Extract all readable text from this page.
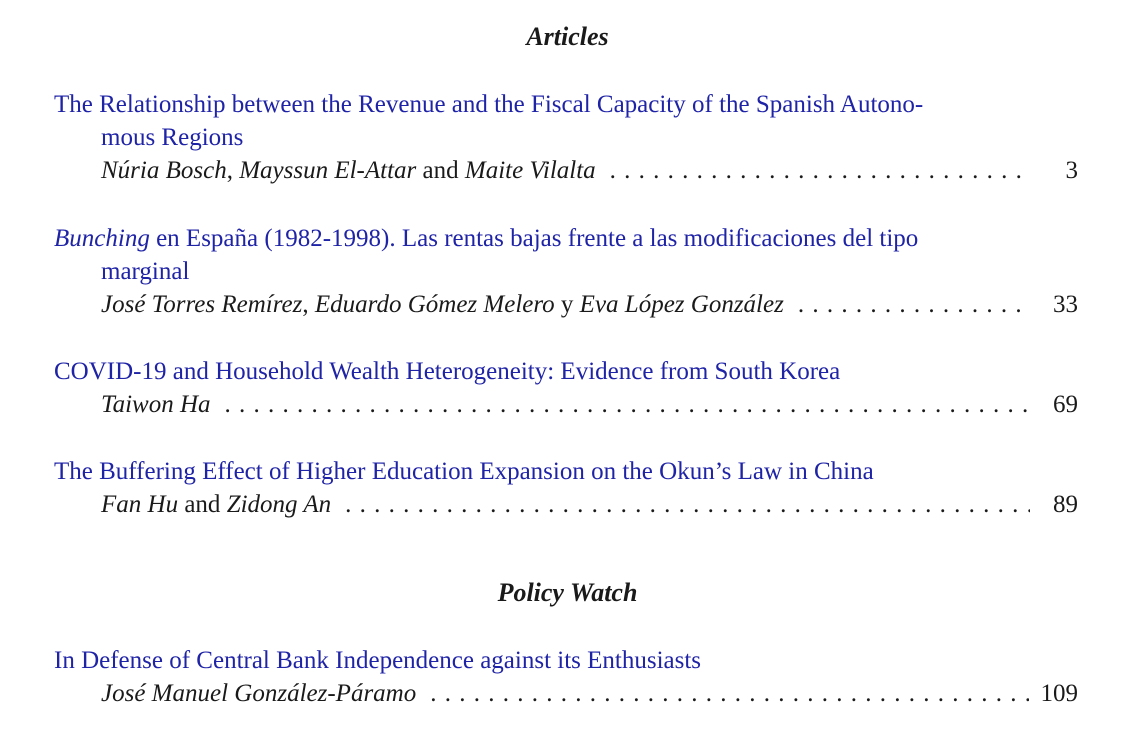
Articles
The Relationship between the Revenue and the Fiscal Capacity of the Spanish Autono-
mous Regions
Núria Bosch, Mayssun El-Attar and Maite Vilalta . . .	3
Bunching en España (1982-1998). Las rentas bajas frente a las modificaciones del tipo
marginal
José Torres Remírez, Eduardo Gómez Melero y Eva López González . . .	33
COVID-19 and Household Wealth Heterogeneity: Evidence from South Korea
Taiwon Ha . . .	69
The Buffering Effect of Higher Education Expansion on the Okun’s Law in China
Fan Hu and Zidong An . . .	89
Policy Watch
In Defense of Central Bank Independence against its Enthusiasts
José Manuel González-Páramo . . .	109
